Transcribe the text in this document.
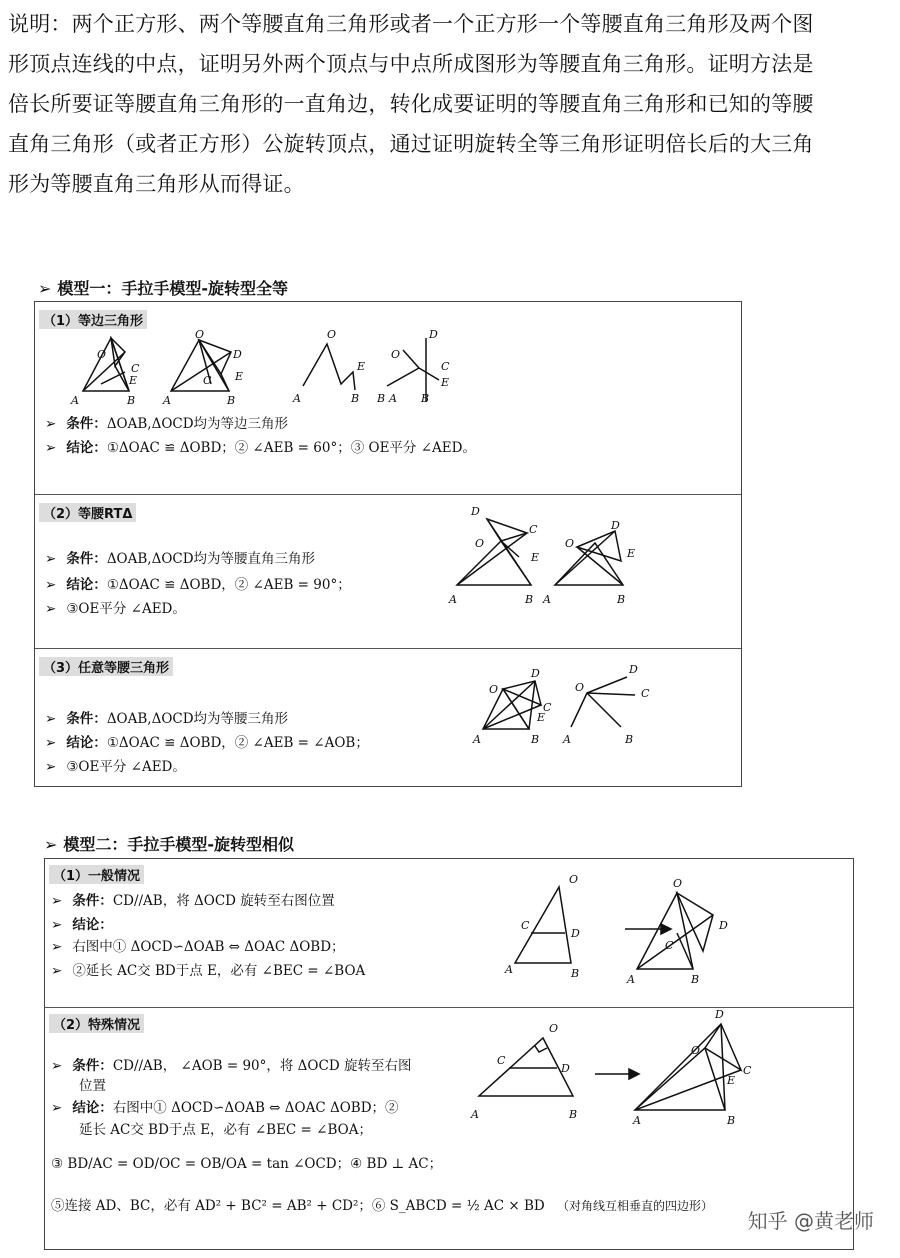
说明：两个正方形、两个等腰直角三角形或者一个正方形一个等腰直角三角形及两个图

形顶点连线的中点，证明另外两个顶点与中点所成图形为等腰直角三角形。证明方法是

倍长所要证等腰直角三角形的一直角边，转化成要证明的等腰直角三角形和已知的等腰

直角三角形（或者正方形）公旋转顶点，通过证明旋转全等三角形证明倍长后的大三角

形为等腰直角三角形从而得证。

➢ 模型一：手拉手模型-旋转型全等
（1）等边三角形
O
C
E
A	B
O
D
E
C
A	B	A
O
E
B
O
D
C
E
B A B
➢ 条件：ΔOAB,ΔOCD均为等边三角形
➢ 结论：①ΔOAC ≌ ΔOBD；② ∠AEB = 60°；③ OE平分 ∠AED。
（2）等腰RTΔ	D
C
O
E
A	B
O
D
E
A	B
➢ 条件：ΔOAB,ΔOCD均为等腰直角三角形
➢ 结论：①ΔOAC ≌ ΔOBD，② ∠AEB = 90°；
➢ ③OE平分 ∠AED。
（3）任意等腰三角形	D
O
C
E
A	B
O
D
C
A	B
➢ 条件：ΔOAB,ΔOCD均为等腰三角形
➢ 结论：①ΔOAC ≌ ΔOBD，② ∠AEB = ∠AOB；
➢ ③OE平分 ∠AED。
➢ 模型二：手拉手模型-旋转型相似
（1）一般情况
➢ 条件：CD//AB，将 ΔOCD 旋转至右图位置
➢ 结论：
➢ 右图中① ΔOCD∽ΔOAB ⇔ ΔOAC ΔOBD；
➢ ②延长 AC交 BD于点 E，必有 ∠BEC = ∠BOA
O
C
D
A	B
O
D
C
A	B
（2）特殊情况
➢ 条件：CD//AB， ∠AOB = 90°，将 ΔOCD 旋转至右图
位置
➢ 结论：右图中① ΔOCD∽ΔOAB ⇔ ΔOAC ΔOBD；②
延长 AC交 BD于点 E，必有 ∠BEC = ∠BOA；
③ BD/AC = OD/OC = OB/OA = tan ∠OCD；④ BD ⊥ AC；
⑤连接 AD、BC，必有 AD² + BC² = AB² + CD²；⑥ S_ABCD = ½ AC × BD （对角线互相垂直的四边形）
O
C
D
A	B
D
O
C
E
A	B
知乎 @黄老师
